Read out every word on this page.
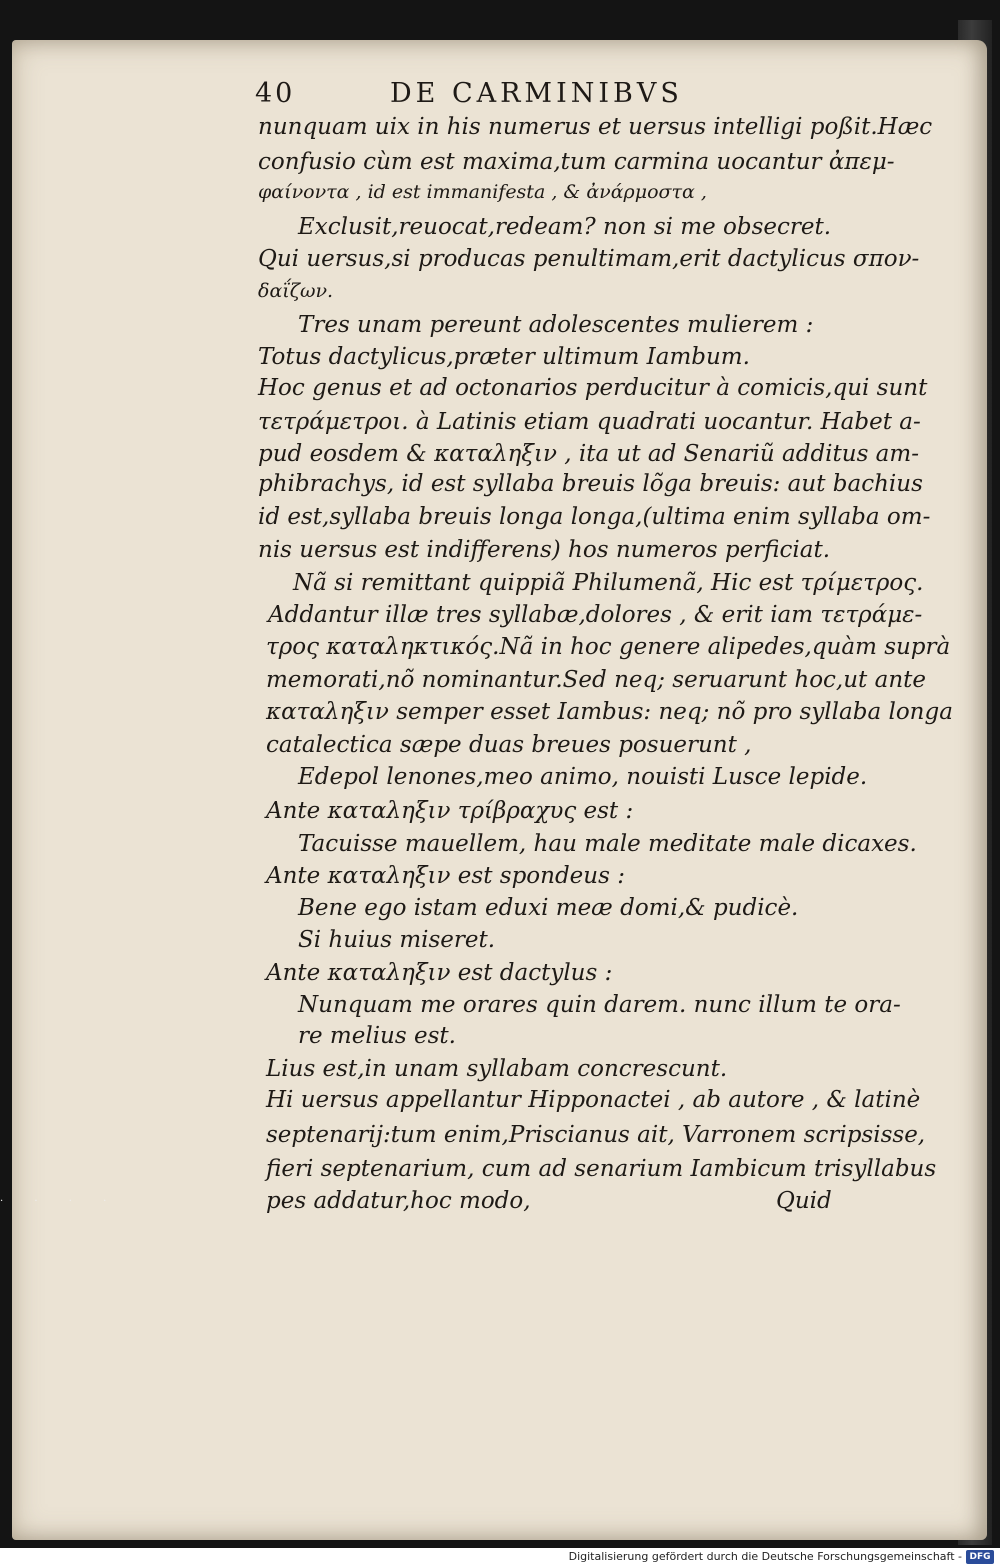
40	DE CARMINIBVS
nunquam uix in his numerus et uersus intelligi poßit.Hæc
confusio cùm est maxima,tum carmina uocantur ἀπεμ-
φαίνοντα , id est immanifesta , & ἀνάρμοστα ,
Exclusit,reuocat,redeam? non si me obsecret.
Qui uersus,si producas penultimam,erit dactylicus σπον-
δαΐζων.
Tres unam pereunt adolescentes mulierem :
Totus dactylicus,præter ultimum Iambum.
Hoc genus et ad octonarios perducitur à comicis,qui sunt
τετράμετροι. à Latinis etiam quadrati uocantur. Habet a-
pud eosdem & καταληξιν , ita ut ad Senariũ additus am-
phibrachys, id est syllaba breuis lõga breuis: aut bachius
id est,syllaba breuis longa longa,(ultima enim syllaba om-
nis uersus est indifferens) hos numeros perficiat.
Nã si remittant quippiã Philumenã, Hic est τρίμετρος.
Addantur illæ tres syllabæ,dolores , & erit iam τετράμε-
τρος καταληκτικός.Nã in hoc genere alipedes,quàm suprà
memorati,nõ nominantur.Sed neq; seruarunt hoc,ut ante
καταληξιν semper esset Iambus: neq; nõ pro syllaba longa
catalectica sæpe duas breues posuerunt ,
Edepol lenones,meo animo, nouisti Lusce lepide.
Ante καταληξιν τρίβραχυς est :
Tacuisse mauellem, hau male meditate male dicaxes.
Ante καταληξιν est spondeus :
Bene ego istam eduxi meæ domi,& pudicè.
Si huius miseret.
Ante καταληξιν est dactylus :
Nunquam me orares quin darem. nunc illum te ora-
re melius est.
Lius est,in unam syllabam concrescunt.
Hi uersus appellantur Hipponactei , ab autore , & latinè
septenarij:tum enim,Priscianus ait, Varronem scripsisse,
fieri septenarium, cum ad senarium Iambicum trisyllabus
pes addatur,hoc modo,	Quid
· · · ·
Digitalisierung gefördert durch die Deutsche Forschungsgemeinschaft - DFG
